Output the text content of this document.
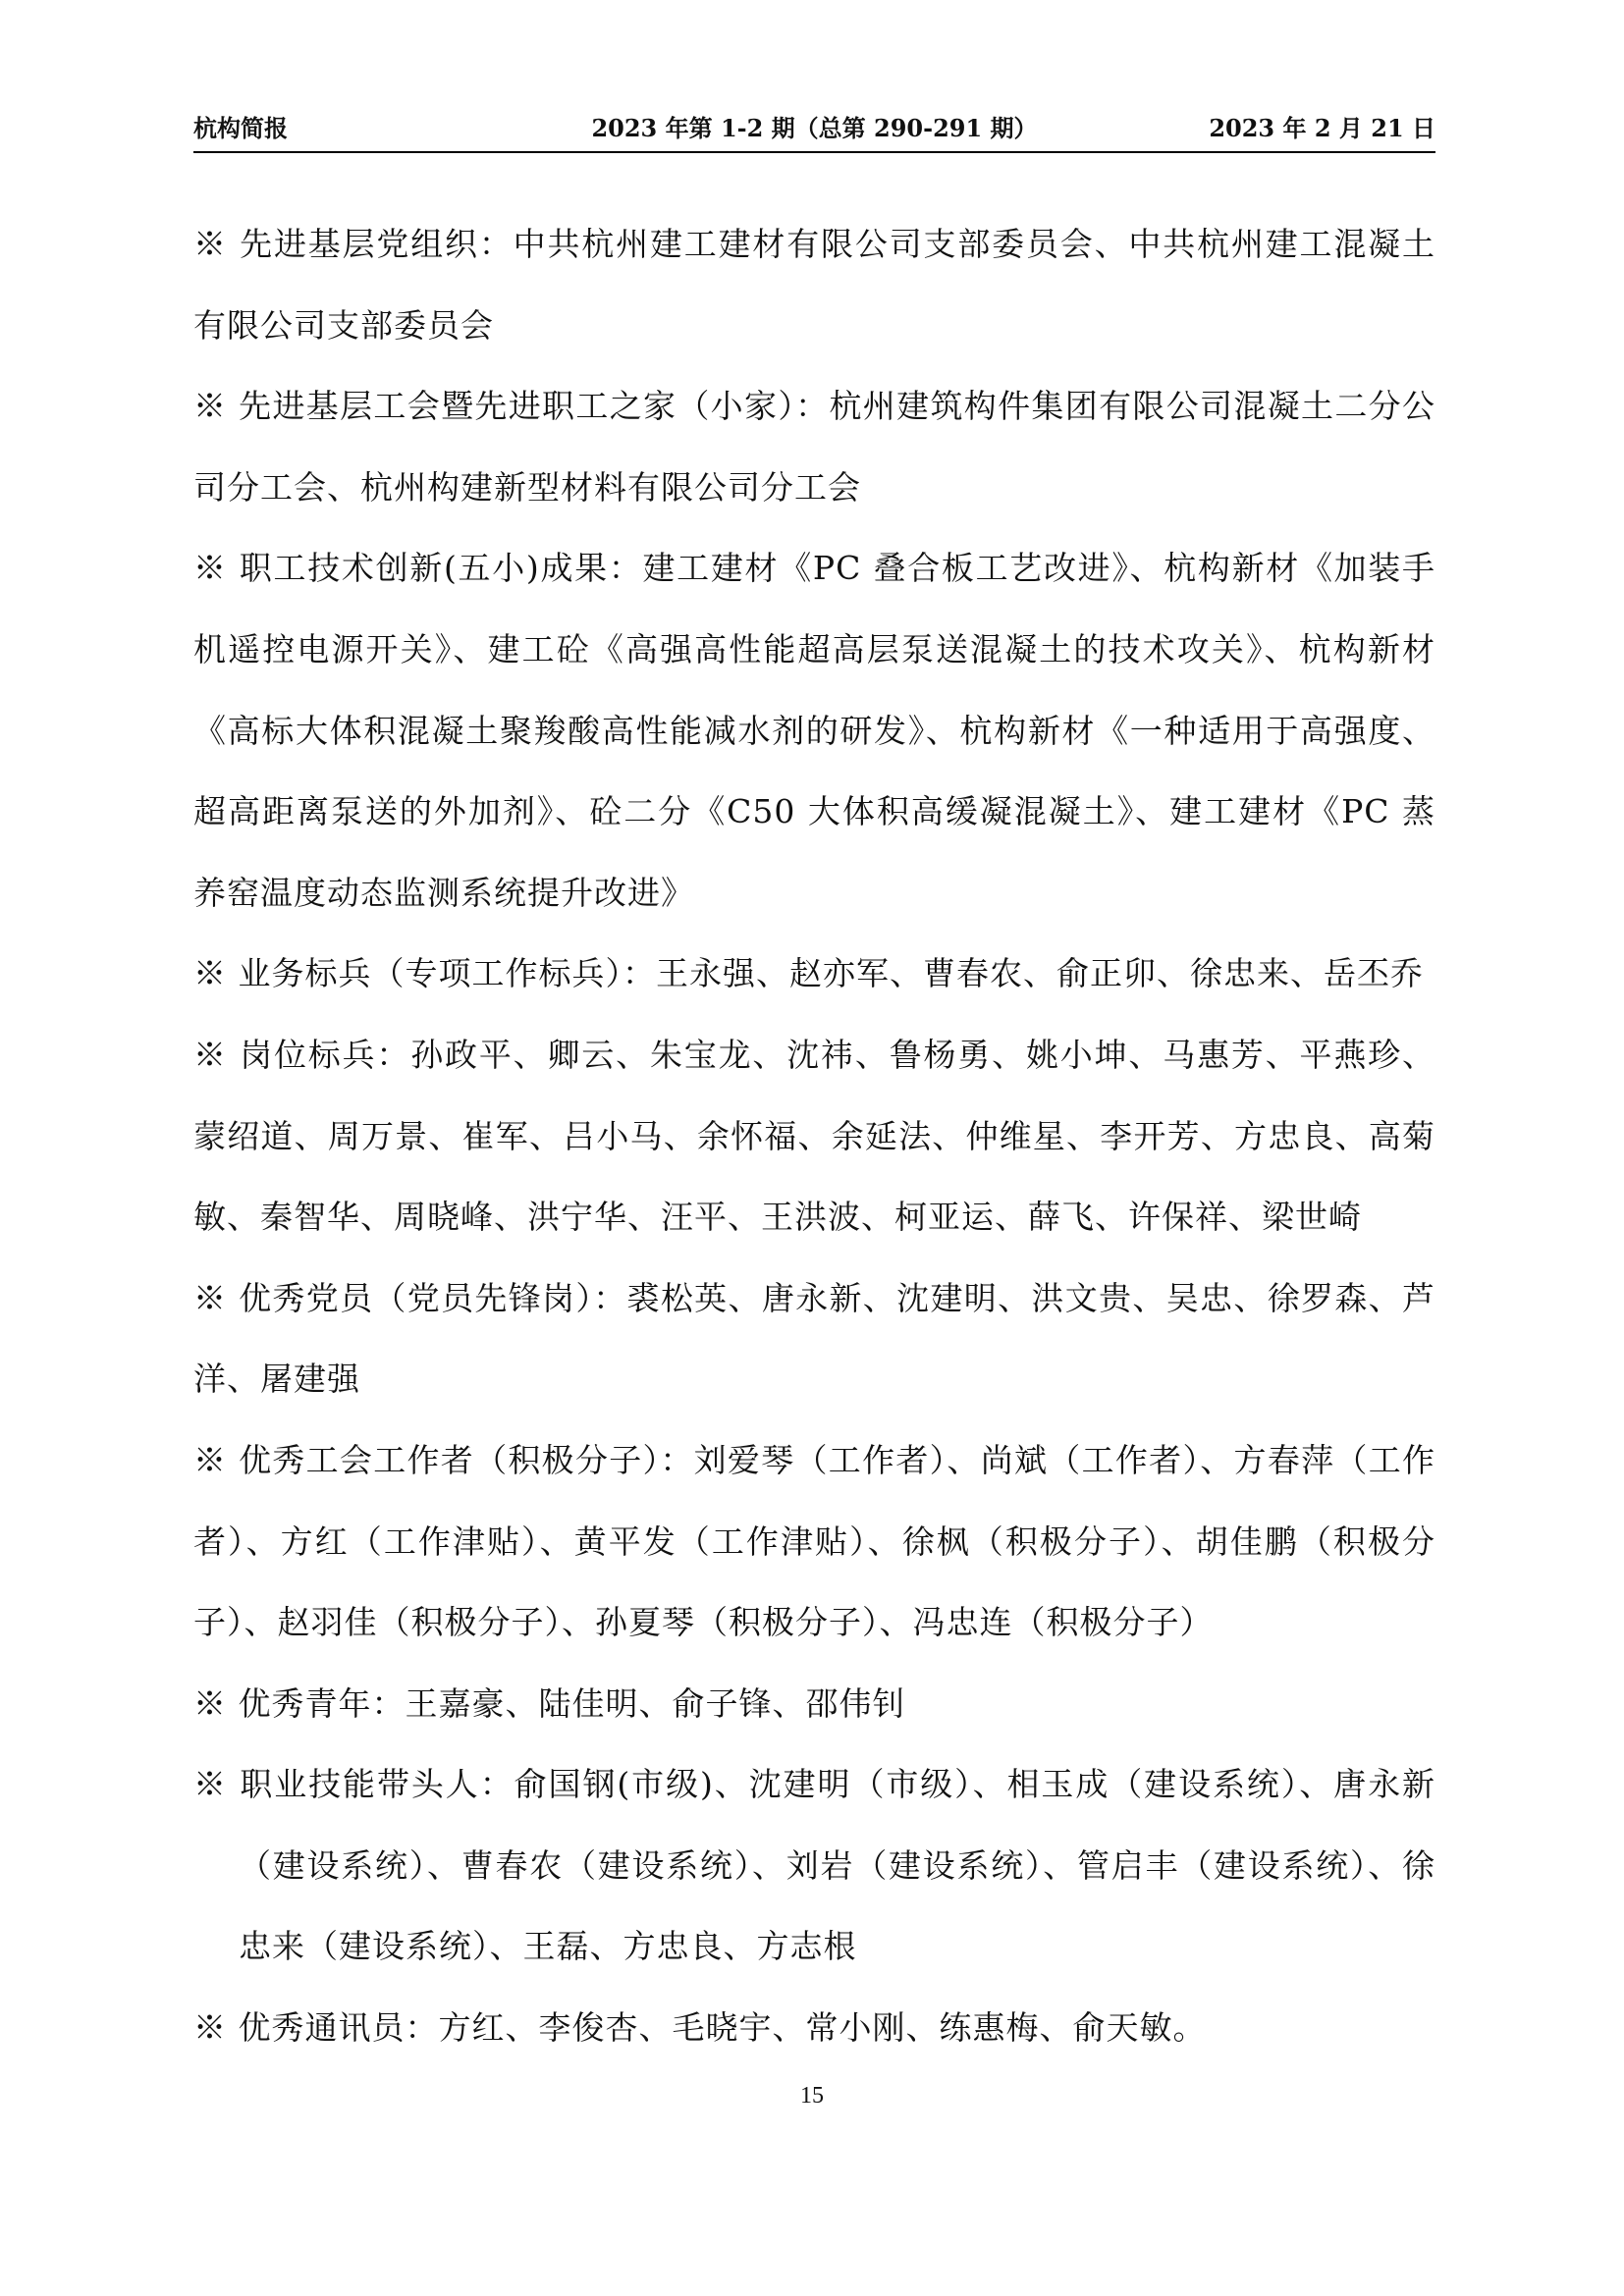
2023 年第 1-2 期（总第 290-291 期）
杭构简报	2023 年 2 月 21 日

※ 先进基层党组织：中共杭州建工建材有限公司支部委员会、中共杭州建工混凝土有限公司支部委员会

※ 先进基层工会暨先进职工之家（小家）：杭州建筑构件集团有限公司混凝土二分公司分工会、杭州构建新型材料有限公司分工会

※ 职工技术创新(五小)成果：建工建材《PC 叠合板工艺改进》、杭构新材《加装手机遥控电源开关》、建工砼《高强高性能超高层泵送混凝土的技术攻关》、杭构新材《高标大体积混凝土聚羧酸高性能减水剂的研发》、杭构新材《一种适用于高强度、超高距离泵送的外加剂》、砼二分《C50 大体积高缓凝混凝土》、建工建材《PC 蒸养窑温度动态监测系统提升改进》

※ 业务标兵（专项工作标兵）：王永强、赵亦军、曹春农、俞正卯、徐忠来、岳丕乔

※ 岗位标兵：孙政平、卿云、朱宝龙、沈祎、鲁杨勇、姚小坤、马惠芳、平燕珍、蒙绍道、周万景、崔军、吕小马、余怀福、余延法、仲维星、李开芳、方忠良、高菊敏、秦智华、周晓峰、洪宁华、汪平、王洪波、柯亚运、薛飞、许保祥、梁世崎

※ 优秀党员（党员先锋岗）：裘松英、唐永新、沈建明、洪文贵、吴忠、徐罗森、芦洋、屠建强

※ 优秀工会工作者（积极分子）：刘爱琴（工作者）、尚斌（工作者）、方春萍（工作者）、方红（工作津贴）、黄平发（工作津贴）、徐枫（积极分子）、胡佳鹏（积极分子）、赵羽佳（积极分子）、孙夏琴（积极分子）、冯忠连（积极分子）

※ 优秀青年：王嘉豪、陆佳明、俞子锋、邵伟钊

※ 职业技能带头人：俞国钢(市级)、沈建明（市级）、相玉成（建设系统）、唐永新（建设系统）、曹春农（建设系统）、刘岩（建设系统）、管启丰（建设系统）、徐忠来（建设系统）、王磊、方忠良、方志根

※ 优秀通讯员：方红、李俊杏、毛晓宇、常小刚、练惠梅、俞天敏。

15
